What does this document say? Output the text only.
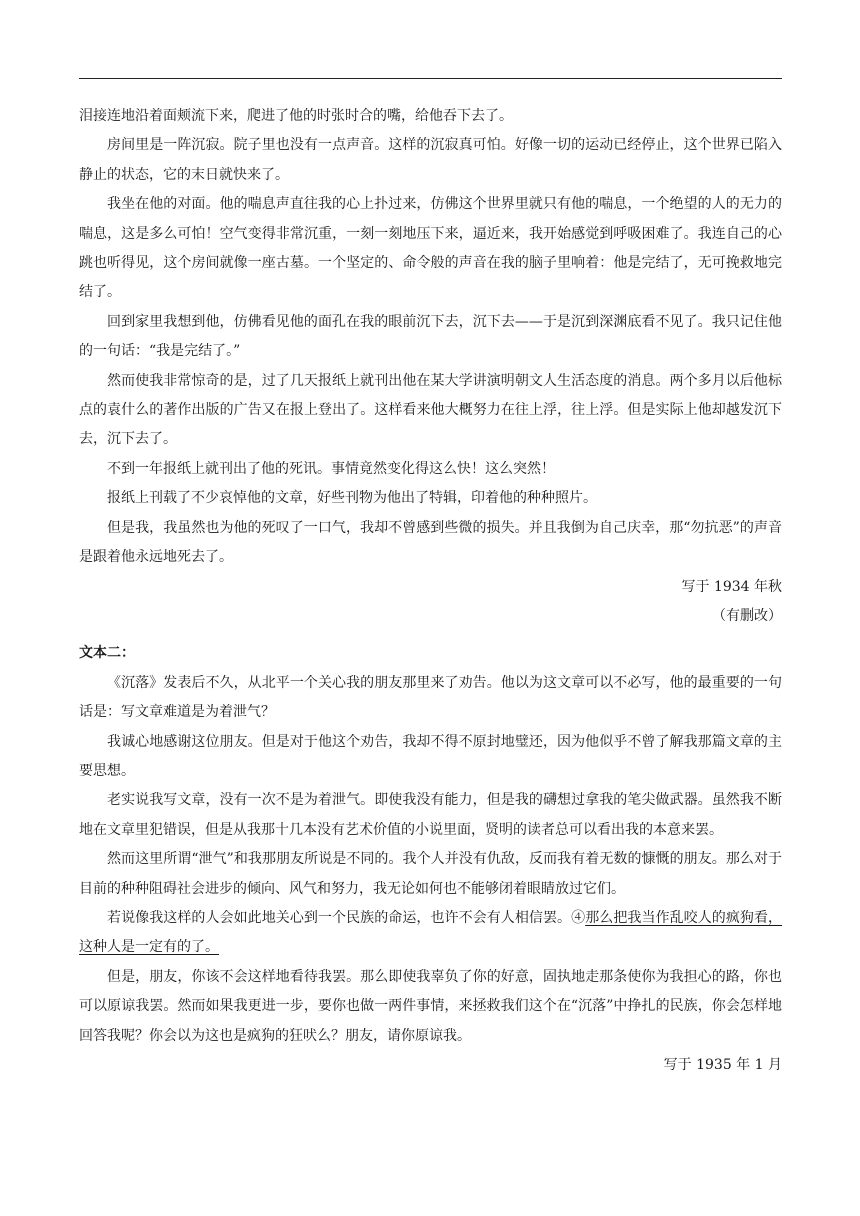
泪接连地沿着面颊流下来，爬进了他的时张时合的嘴，给他吞下去了。

房间里是一阵沉寂。院子里也没有一点声音。这样的沉寂真可怕。好像一切的运动已经停止，这个世界已陷入静止的状态，它的末日就快来了。

我坐在他的对面。他的喘息声直往我的心上扑过来，仿佛这个世界里就只有他的喘息，一个绝望的人的无力的喘息，这是多么可怕！空气变得非常沉重，一刻一刻地压下来，逼近来，我开始感觉到呼吸困难了。我连自己的心跳也听得见，这个房间就像一座古墓。一个坚定的、命令般的声音在我的脑子里响着：他是完结了，无可挽救地完结了。

回到家里我想到他，仿佛看见他的面孔在我的眼前沉下去，沉下去——于是沉到深渊底看不见了。我只记住他的一句话：“我是完结了。”

然而使我非常惊奇的是，过了几天报纸上就刊出他在某大学讲演明朝文人生活态度的消息。两个多月以后他标点的袁什么的著作出版的广告又在报上登出了。这样看来他大概努力在往上浮，往上浮。但是实际上他却越发沉下去，沉下去了。

不到一年报纸上就刊出了他的死讯。事情竟然变化得这么快！这么突然！

报纸上刊载了不少哀悼他的文章，好些刊物为他出了特辑，印着他的种种照片。

但是我，我虽然也为他的死叹了一口气，我却不曾感到些微的损失。并且我倒为自己庆幸，那“勿抗恶”的声音是跟着他永远地死去了。

写于 1934 年秋

（有删改）

文本二：

《沉落》发表后不久，从北平一个关心我的朋友那里来了劝告。他以为这文章可以不必写，他的最重要的一句话是：写文章难道是为着泄气？

我诚心地感谢这位朋友。但是对于他这个劝告，我却不得不原封地璧还，因为他似乎不曾了解我那篇文章的主要思想。

老实说我写文章，没有一次不是为着泄气。即使我没有能力，但是我的礴想过拿我的笔尖做武器。虽然我不断地在文章里犯错误，但是从我那十几本没有艺术价值的小说里面，贤明的读者总可以看出我的本意来罢。

然而这里所谓“泄气”和我那朋友所说是不同的。我个人并没有仇敌，反而我有着无数的慷慨的朋友。那么对于目前的种种阻碍社会进步的倾向、风气和努力，我无论如何也不能够闭着眼睛放过它们。

若说像我这样的人会如此地关心到一个民族的命运，也许不会有人相信罢。④那么把我当作乱咬人的疯狗看，这种人是一定有的了。

但是，朋友，你该不会这样地看待我罢。那么即使我辜负了你的好意，固执地走那条使你为我担心的路，你也可以原谅我罢。然而如果我更进一步，要你也做一两件事情，来拯救我们这个在“沉落”中挣扎的民族，你会怎样地回答我呢？你会以为这也是疯狗的狂吠么？朋友，请你原谅我。

写于 1935 年 1 月
